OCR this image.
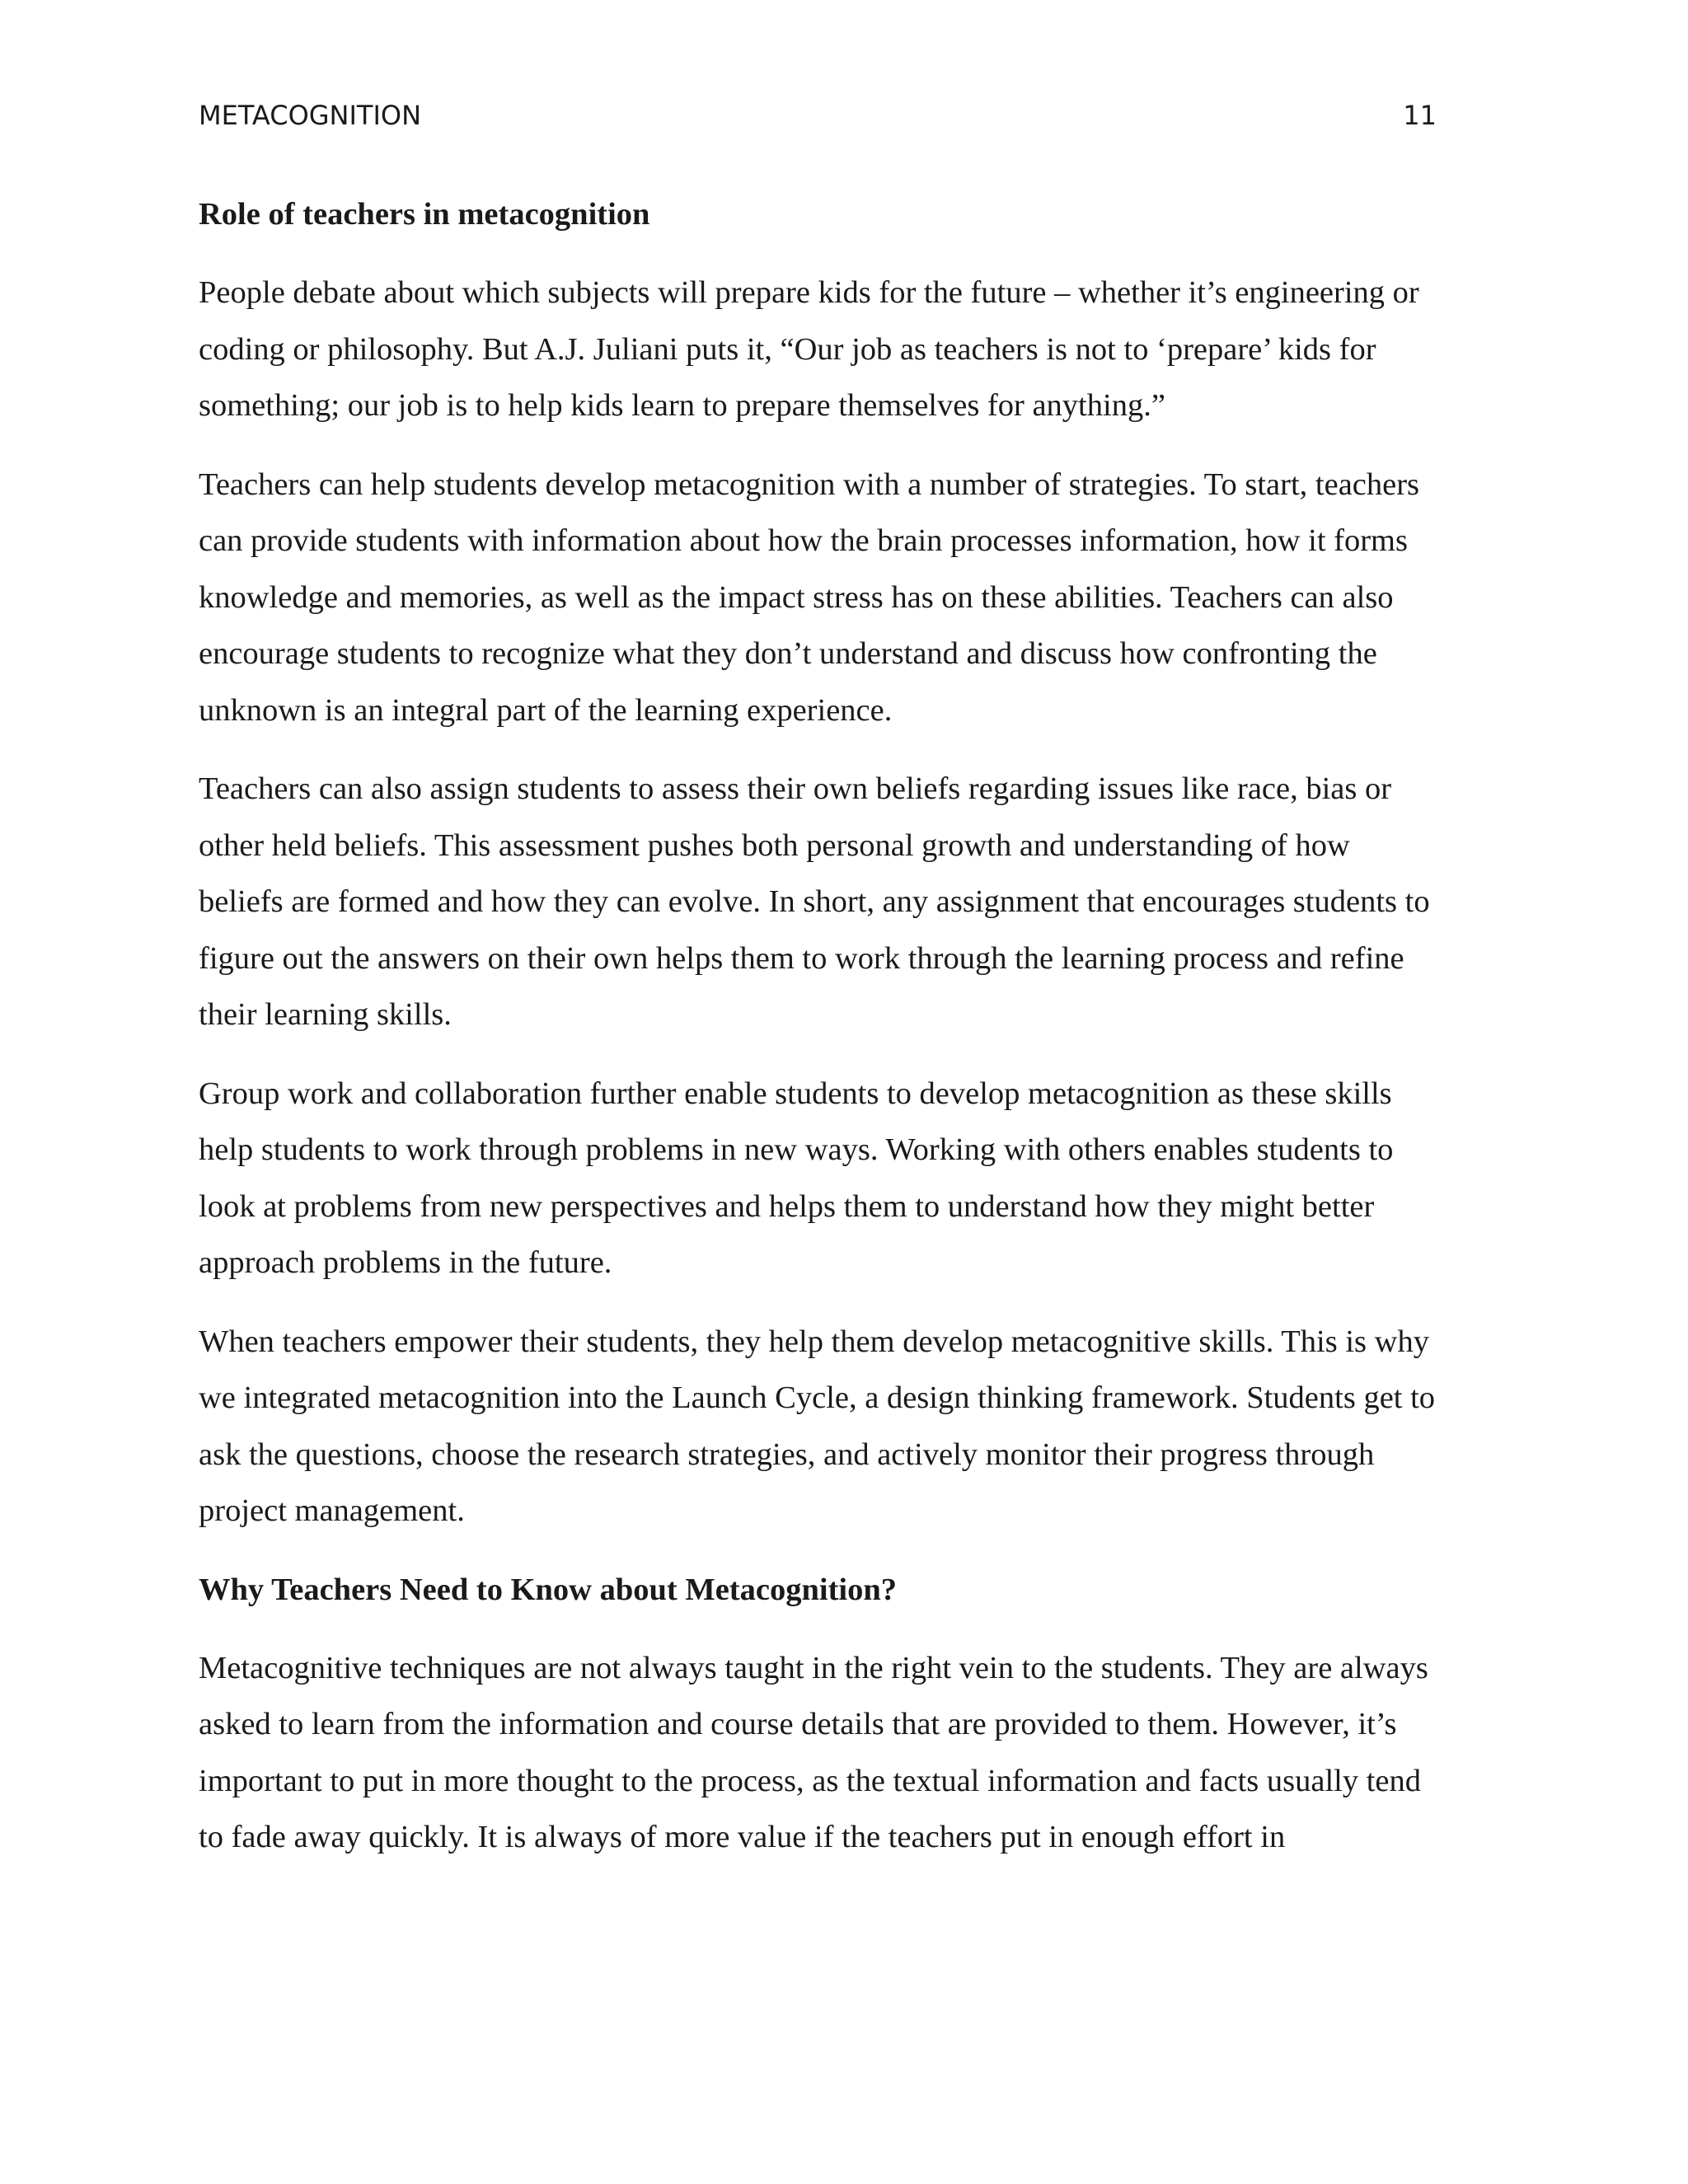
METACOGNITION	11
Role of teachers in metacognition
People debate about which subjects will prepare kids for the future – whether it’s engineering or
coding or philosophy. But A.J. Juliani puts it, “Our job as teachers is not to ‘prepare’ kids for
something; our job is to help kids learn to prepare themselves for anything.”
Teachers can help students develop metacognition with a number of strategies. To start, teachers
can provide students with information about how the brain processes information, how it forms
knowledge and memories, as well as the impact stress has on these abilities. Teachers can also
encourage students to recognize what they don’t understand and discuss how confronting the
unknown is an integral part of the learning experience.
Teachers can also assign students to assess their own beliefs regarding issues like race, bias or
other held beliefs. This assessment pushes both personal growth and understanding of how
beliefs are formed and how they can evolve. In short, any assignment that encourages students to
figure out the answers on their own helps them to work through the learning process and refine
their learning skills.
Group work and collaboration further enable students to develop metacognition as these skills
help students to work through problems in new ways. Working with others enables students to
look at problems from new perspectives and helps them to understand how they might better
approach problems in the future.
When teachers empower their students, they help them develop metacognitive skills. This is why
we integrated metacognition into the Launch Cycle, a design thinking framework. Students get to
ask the questions, choose the research strategies, and actively monitor their progress through
project management.
Why Teachers Need to Know about Metacognition?
Metacognitive techniques are not always taught in the right vein to the students. They are always
asked to learn from the information and course details that are provided to them. However, it’s
important to put in more thought to the process, as the textual information and facts usually tend
to fade away quickly. It is always of more value if the teachers put in enough effort in
